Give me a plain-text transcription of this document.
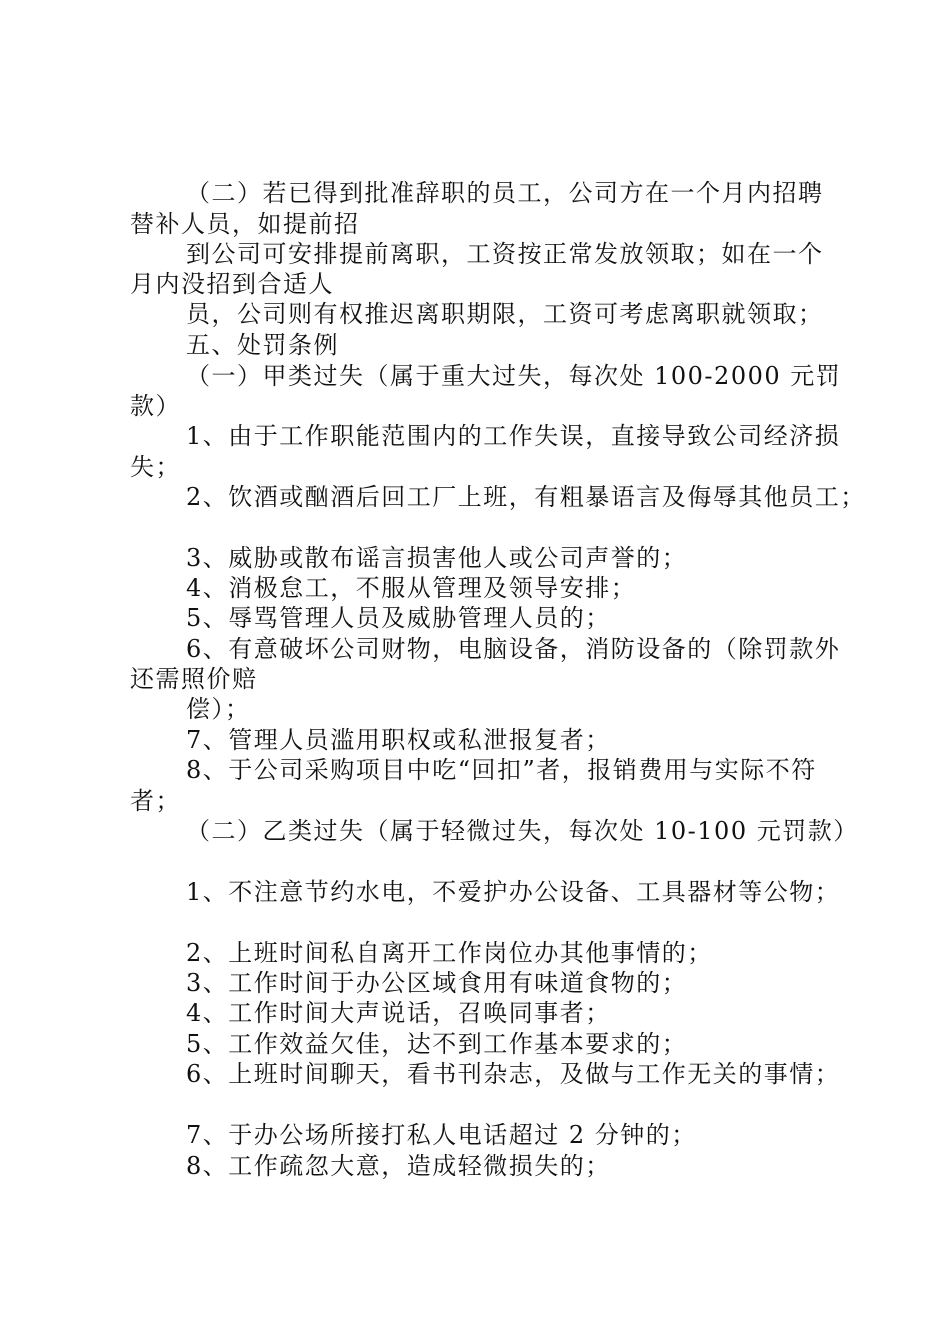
（二）若已得到批准辞职的员工，公司方在一个月内招聘
替补人员，如提前招
到公司可安排提前离职，工资按正常发放领取；如在一个
月内没招到合适人
员，公司则有权推迟离职期限，工资可考虑离职就领取；
五、处罚条例
（一）甲类过失（属于重大过失，每次处 100-2000 元罚
款）
1、由于工作职能范围内的工作失误，直接导致公司经济损
失；
2、饮酒或酗酒后回工厂上班，有粗暴语言及侮辱其他员工；
3、威胁或散布谣言损害他人或公司声誉的；
4、消极怠工，不服从管理及领导安排；
5、辱骂管理人员及威胁管理人员的；
6、有意破坏公司财物，电脑设备，消防设备的（除罚款外
还需照价赔
偿）；
7、管理人员滥用职权或私泄报复者；
8、于公司采购项目中吃“回扣”者，报销费用与实际不符
者；
（二）乙类过失（属于轻微过失，每次处 10-100 元罚款）
1、不注意节约水电，不爱护办公设备、工具器材等公物；
2、上班时间私自离开工作岗位办其他事情的；
3、工作时间于办公区域食用有味道食物的；
4、工作时间大声说话，召唤同事者；
5、工作效益欠佳，达不到工作基本要求的；
6、上班时间聊天，看书刊杂志，及做与工作无关的事情；
7、于办公场所接打私人电话超过 2 分钟的；
8、工作疏忽大意，造成轻微损失的；
